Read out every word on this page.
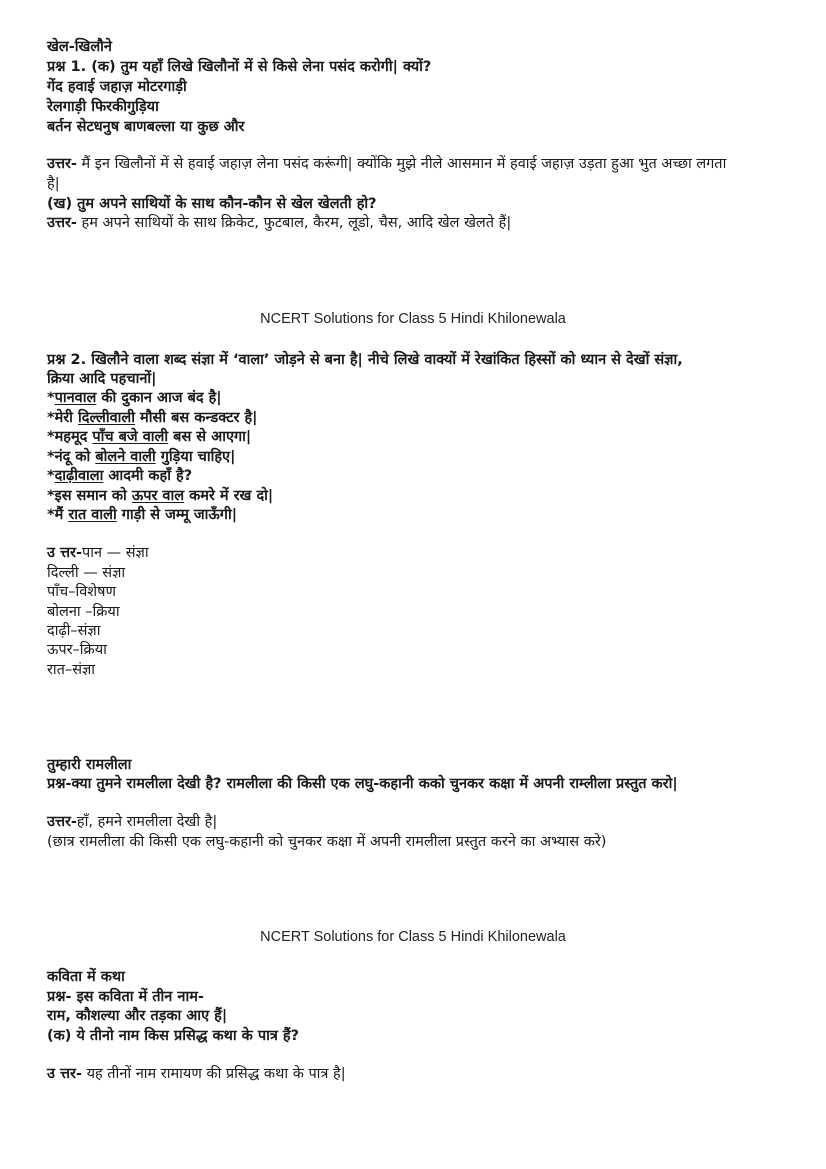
खेल-खिलौने
प्रश्न 1. (क) तुम यहाँ लिखे खिलौनों में से किसे लेना पसंद करोगी| क्यों?
गेंद हवाई जहाज़ मोटरगाड़ी
रेलगाड़ी फिरकीगुड़िया
बर्तन सेटधनुष बाणबल्ला या कुछ और
उत्तर- मैं इन खिलौनों में से हवाई जहाज़ लेना पसंद करूंगी| क्योंकि मुझे नीले आसमान में हवाई जहाज़ उड़ता हुआ भुत अच्छा लगता
है|
(ख) तुम अपने साथियों के साथ कौन-कौन से खेल खेलती हो?
उत्तर- हम अपने साथियों के साथ क्रिकेट, फुटबाल, कैरम, लूडो, चैस, आदि खेल खेलते हैं|
NCERT Solutions for Class 5 Hindi Khilonewala
प्रश्न 2. खिलौने वाला शब्द संज्ञा में ‘वाला’ जोड़ने से बना है| नीचे लिखे वाक्यों में रेखांकित हिस्सों को ध्यान से देखों संज्ञा,
क्रिया आदि पहचानों|
*पानवाल की दुकान आज बंद है|
*मेरी दिल्लीवाली मौसी बस कन्डक्टर है|
*महमूद पाँच बजे वाली बस से आएगा|
*नंदू को बोलने वाली गुड़िया चाहिए|
*दाढ़ीवाला आदमी कहाँ है?
*इस समान को ऊपर वाल कमरे में रख दो|
*मैं रात वाली गाड़ी से जम्मू जाऊँगी|
उ त्तर-पान — संज्ञा
दिल्ली — संज्ञा
पाँच–विशेषण
बोलना –क्रिया
दाढ़ी–संज्ञा
ऊपर–क्रिया
रात–संज्ञा
तुम्हारी रामलीला
प्रश्न-क्या तुमने रामलीला देखी है? रामलीला की किसी एक लघु-कहानी कको चुनकर कक्षा में अपनी राम्लीला प्रस्तुत करो|
उत्तर-हाँ, हमने रामलीला देखी है|
(छात्र रामलीला की किसी एक लघु-कहानी को चुनकर कक्षा में अपनी रामलीला प्रस्तुत करने का अभ्यास करे)
NCERT Solutions for Class 5 Hindi Khilonewala
कविता में कथा
प्रश्न- इस कविता में तीन नाम-
राम, कौशल्या और तड़का आए हैं|
(क) ये तीनो नाम किस प्रसिद्ध कथा के पात्र हैं?
उ त्तर- यह तीनों नाम रामायण की प्रसिद्ध कथा के पात्र है|
